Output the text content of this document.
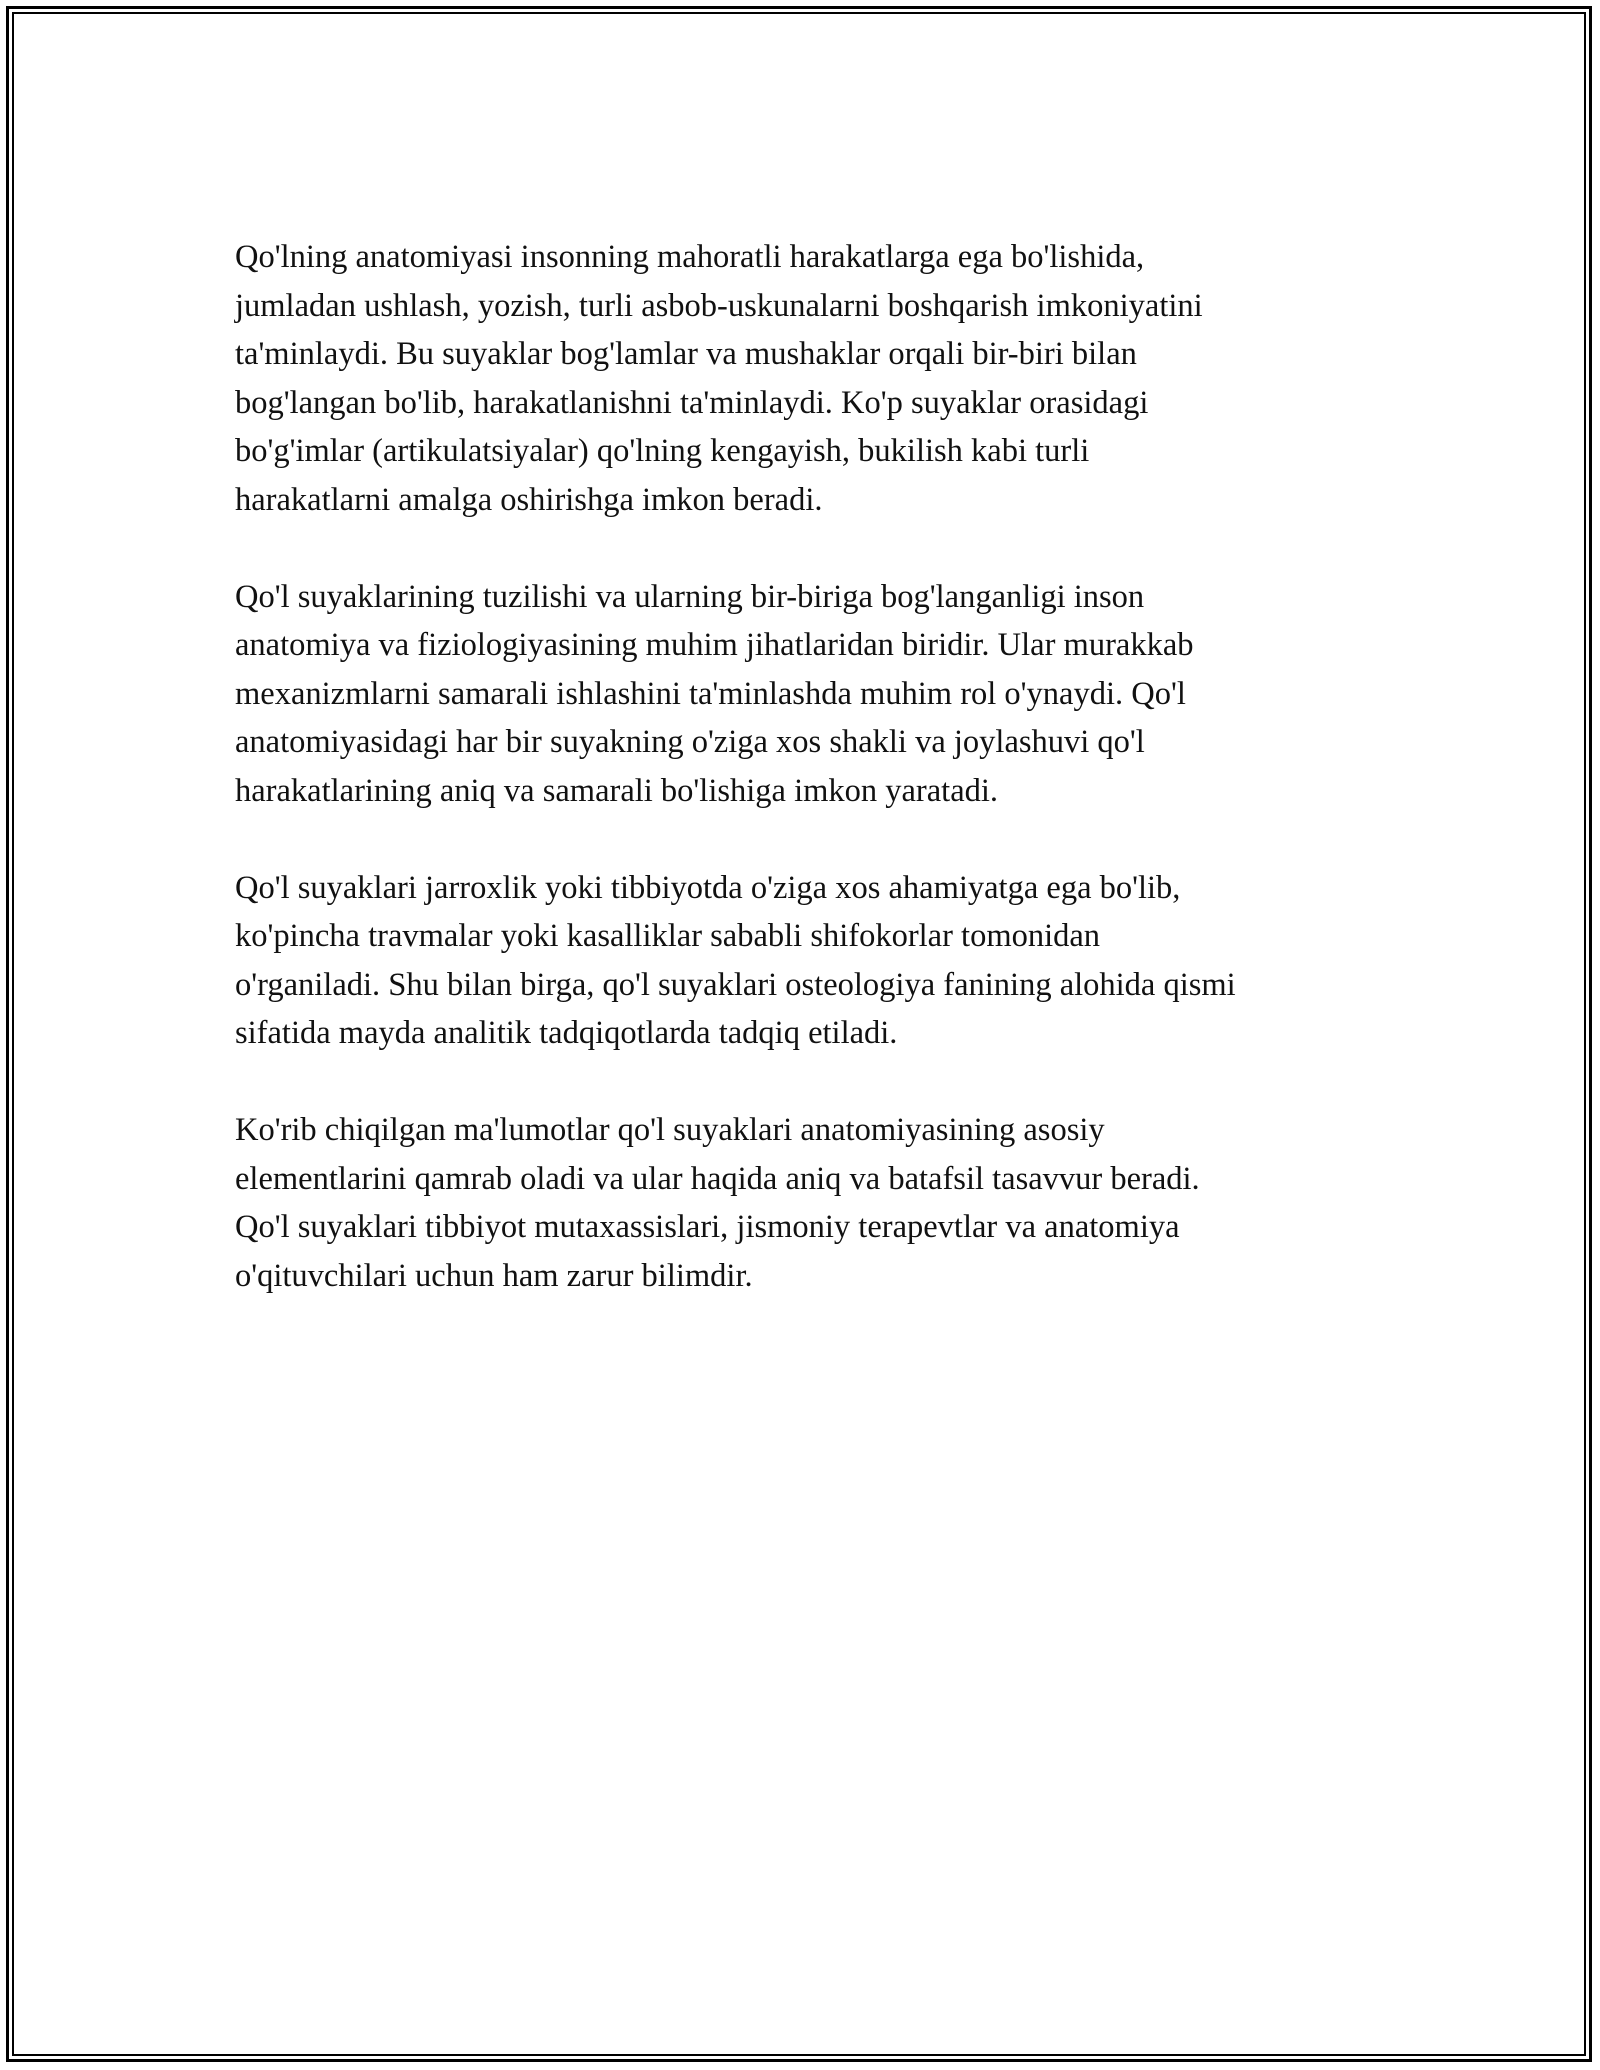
Qo'lning anatomiyasi insonning mahoratli harakatlarga ega bo'lishida,
jumladan ushlash, yozish, turli asbob-uskunalarni boshqarish imkoniyatini
ta'minlaydi. Bu suyaklar bog'lamlar va mushaklar orqali bir-biri bilan
bog'langan bo'lib, harakatlanishni ta'minlaydi. Ko'p suyaklar orasidagi
bo'g'imlar (artikulatsiyalar) qo'lning kengayish, bukilish kabi turli
harakatlarni amalga oshirishga imkon beradi.

Qo'l suyaklarining tuzilishi va ularning bir-biriga bog'langanligi inson
anatomiya va fiziologiyasining muhim jihatlaridan biridir. Ular murakkab
mexanizmlarni samarali ishlashini ta'minlashda muhim rol o'ynaydi. Qo'l
anatomiyasidagi har bir suyakning o'ziga xos shakli va joylashuvi qo'l
harakatlarining aniq va samarali bo'lishiga imkon yaratadi.

Qo'l suyaklari jarroxlik yoki tibbiyotda o'ziga xos ahamiyatga ega bo'lib,
ko'pincha travmalar yoki kasalliklar sababli shifokorlar tomonidan
o'rganiladi. Shu bilan birga, qo'l suyaklari osteologiya fanining alohida qismi
sifatida mayda analitik tadqiqotlarda tadqiq etiladi.

Ko'rib chiqilgan ma'lumotlar qo'l suyaklari anatomiyasining asosiy
elementlarini qamrab oladi va ular haqida aniq va batafsil tasavvur beradi.
Qo'l suyaklari tibbiyot mutaxassislari, jismoniy terapevtlar va anatomiya
o'qituvchilari uchun ham zarur bilimdir.
